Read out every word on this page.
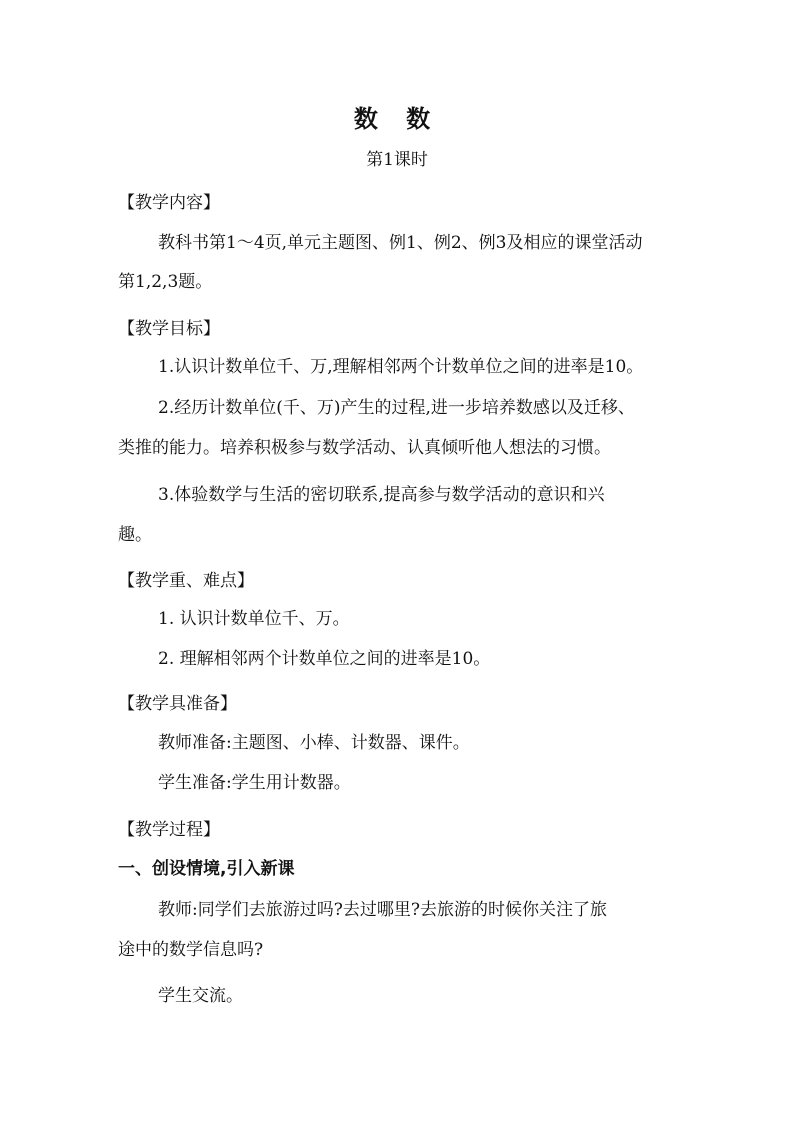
数 数
第1课时
【教学内容】
教科书第1～4页,单元主题图、例1、例2、例3及相应的课堂活动
第1,2,3题。
【教学目标】
1.认识计数单位千、万,理解相邻两个计数单位之间的进率是10。
2.经历计数单位(千、万)产生的过程,进一步培养数感以及迁移、
类推的能力。培养积极参与数学活动、认真倾听他人想法的习惯。
3.体验数学与生活的密切联系,提高参与数学活动的意识和兴
趣。
【教学重、难点】
1. 认识计数单位千、万。
2. 理解相邻两个计数单位之间的进率是10。
【教学具准备】
教师准备:主题图、小棒、计数器、课件。
学生准备:学生用计数器。
【教学过程】
一、创设情境,引入新课
教师:同学们去旅游过吗?去过哪里?去旅游的时候你关注了旅
途中的数学信息吗?
学生交流。
